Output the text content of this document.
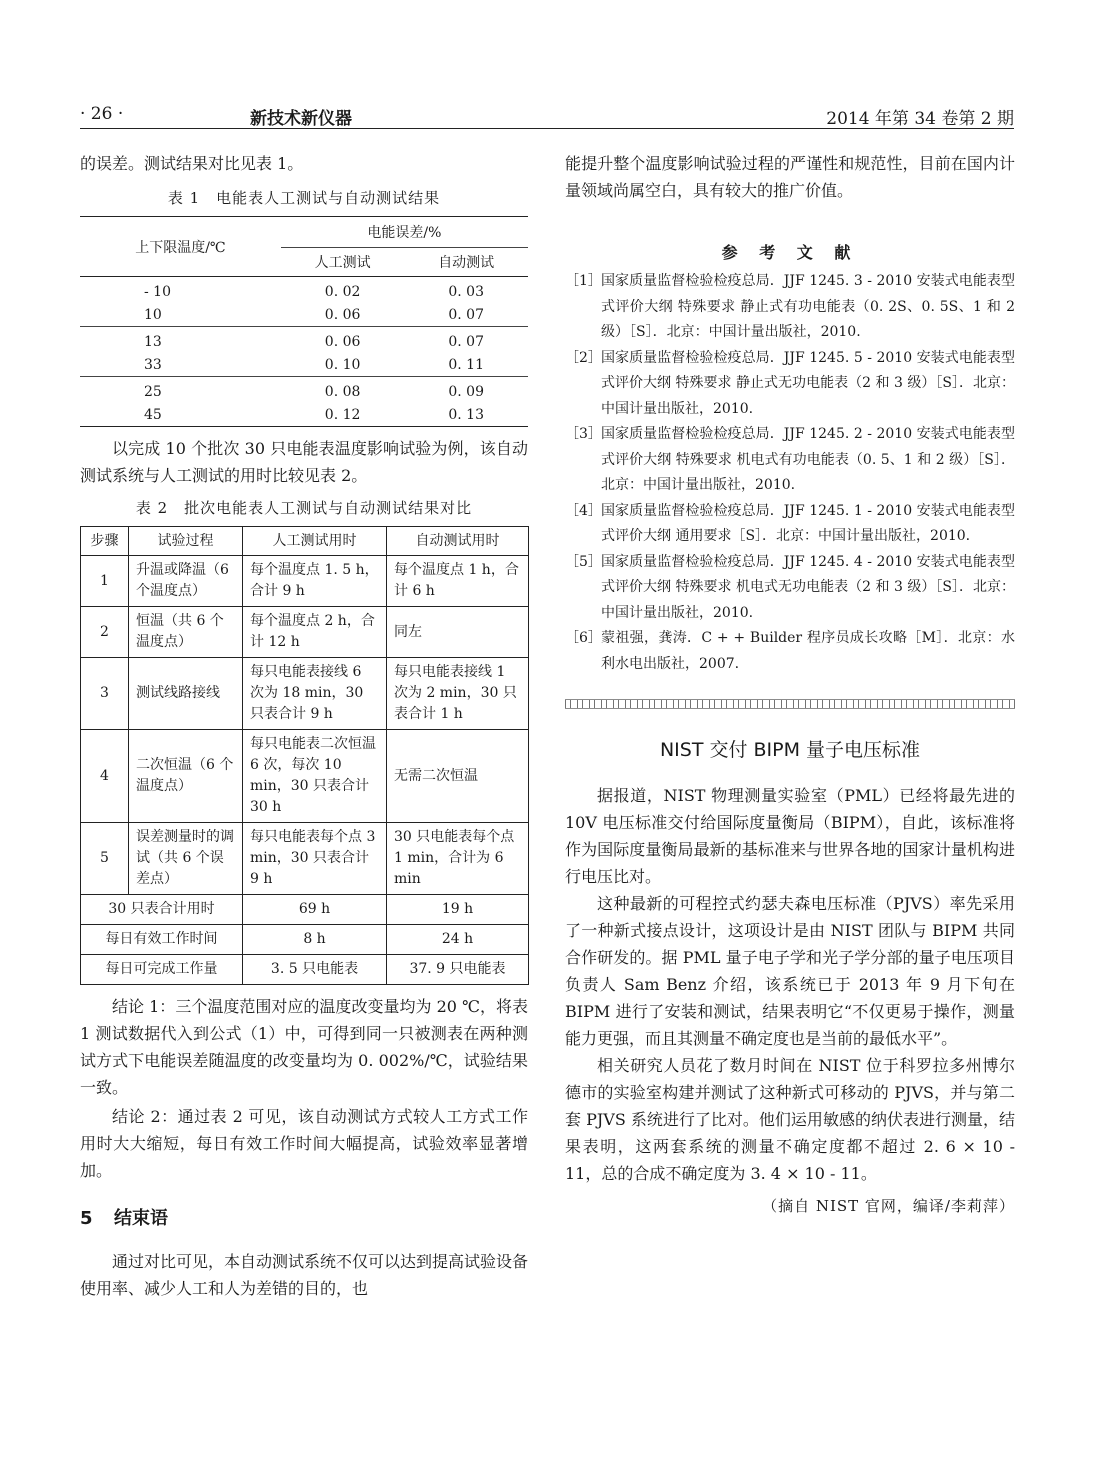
· 26 ·	新技术新仪器	2014 年第 34 卷第 2 期

的误差。测试结果对比见表 1。

表 1　电能表人工测试与自动测试结果
上下限温度/℃	电能误差/%	
	人工测试	自动测试
- 10	0. 02	0. 03
10	0. 06	0. 07
13	0. 06	0. 07
33	0. 10	0. 11
25	0. 08	0. 09
45	0. 12	0. 13

以完成 10 个批次 30 只电能表温度影响试验为例，该自动测试系统与人工测试的用时比较见表 2。

表 2　批次电能表人工测试与自动测试结果对比
步骤	试验过程	人工测试用时	自动测试用时
1	升温或降温（6 个温度点）	每个温度点 1. 5 h，合计 9 h	每个温度点 1 h，合计 6 h
2	恒温（共 6 个温度点）	每个温度点 2 h，合计 12 h	同左
3	测试线路接线	每只电能表接线 6 次为 18 min，30 只表合计 9 h	每只电能表接线 1 次为 2 min，30 只表合计 1 h
4	二次恒温（6 个温度点）	每只电能表二次恒温 6 次，每次 10 min，30 只表合计 30 h	无需二次恒温
5	误差测量时的调试（共 6 个误差点）	每只电能表每个点 3 min，30 只表合计 9 h	30 只电能表每个点 1 min，合计为 6 min
30 只表合计用时		69 h	19 h
每日有效工作时间		8 h	24 h
每日可完成工作量		3. 5 只电能表	37. 9 只电能表

结论 1：三个温度范围对应的温度改变量均为 20 ℃，将表 1 测试数据代入到公式（1）中，可得到同一只被测表在两种测试方式下电能误差随温度的改变量均为 0. 002%/℃，试验结果一致。

结论 2：通过表 2 可见，该自动测试方式较人工方式工作用时大大缩短，每日有效工作时间大幅提高，试验效率显著增加。

5 结束语

通过对比可见，本自动测试系统不仅可以达到提高试验设备使用率、减少人工和人为差错的目的，也

能提升整个温度影响试验过程的严谨性和规范性，目前在国内计量领域尚属空白，具有较大的推广价值。

参 考 文 献
［1］ 国家质量监督检验检疫总局．JJF 1245. 3 - 2010 安装式电能表型式评价大纲 特殊要求 静止式有功电能表（0. 2S、0. 5S、1 和 2 级）［S］．北京：中国计量出版社，2010.
［2］ 国家质量监督检验检疫总局．JJF 1245. 5 - 2010 安装式电能表型式评价大纲 特殊要求 静止式无功电能表（2 和 3 级）［S］．北京：中国计量出版社，2010.
［3］ 国家质量监督检验检疫总局．JJF 1245. 2 - 2010 安装式电能表型式评价大纲 特殊要求 机电式有功电能表（0. 5、1 和 2 级）［S］．北京：中国计量出版社，2010.
［4］ 国家质量监督检验检疫总局．JJF 1245. 1 - 2010 安装式电能表型式评价大纲 通用要求［S］．北京：中国计量出版社，2010.
［5］ 国家质量监督检验检疫总局．JJF 1245. 4 - 2010 安装式电能表型式评价大纲 特殊要求 机电式无功电能表（2 和 3 级）［S］．北京：中国计量出版社，2010.
［6］ 蒙祖强，龚涛．C + + Builder 程序员成长攻略［M］．北京：水利水电出版社，2007.
NIST 交付 BIPM 量子电压标准

据报道，NIST 物理测量实验室（PML）已经将最先进的 10V 电压标准交付给国际度量衡局（BIPM），自此，该标准将作为国际度量衡局最新的基标准来与世界各地的国家计量机构进行电压比对。

这种最新的可程控式约瑟夫森电压标准（PJVS）率先采用了一种新式接点设计，这项设计是由 NIST 团队与 BIPM 共同合作研发的。据 PML 量子电子学和光子学分部的量子电压项目负责人 Sam Benz 介绍，该系统已于 2013 年 9 月下旬在 BIPM 进行了安装和测试，结果表明它“不仅更易于操作，测量能力更强，而且其测量不确定度也是当前的最低水平”。

相关研究人员花了数月时间在 NIST 位于科罗拉多州博尔德市的实验室构建并测试了这种新式可移动的 PJVS，并与第二套 PJVS 系统进行了比对。他们运用敏感的纳伏表进行测量，结果表明，这两套系统的测量不确定度都不超过 2. 6 × 10 - 11，总的合成不确定度为 3. 4 × 10 - 11。

（摘自 NIST 官网，编译/李莉萍）
